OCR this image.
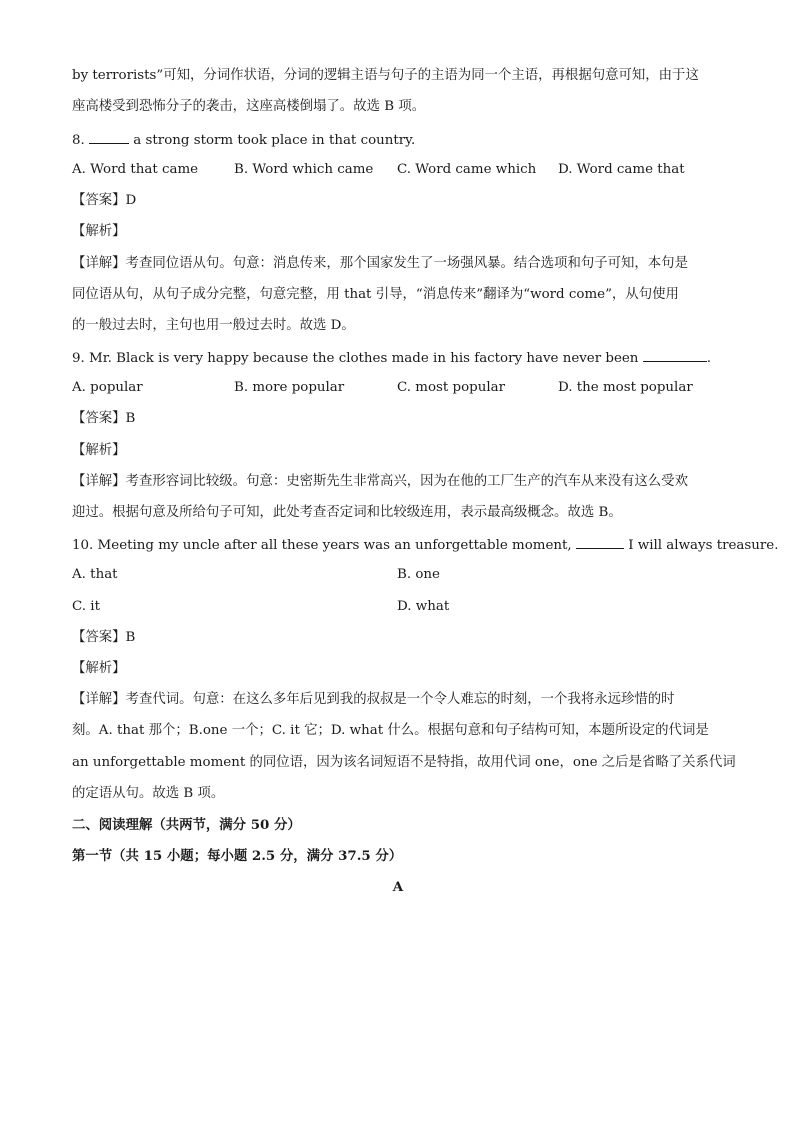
by terrorists”可知，分词作状语，分词的逻辑主语与句子的主语为同一个主语，再根据句意可知，由于这
座高楼受到恐怖分子的袭击，这座高楼倒塌了。故选 B 项。
8.	a strong storm took place in that country.
A. Word that came	B. Word which came C. Word came which D. Word came that
【答案】D
【解析】
【详解】考查同位语从句。句意：消息传来，那个国家发生了一场强风暴。结合选项和句子可知，本句是
同位语从句，从句子成分完整，句意完整，用 that 引导，“消息传来”翻译为“word come”，从句使用
的一般过去时，主句也用一般过去时。故选 D。
9. Mr. Black is very happy because the clothes made in his factory have never been	.
A. popular	B. more popular	C. most popular	D. the most popular
【答案】B
【解析】
【详解】考查形容词比较级。句意：史密斯先生非常高兴，因为在他的工厂生产的汽车从来没有这么受欢
迎过。根据句意及所给句子可知，此处考查否定词和比较级连用，表示最高级概念。故选 B。
10. Meeting my uncle after all these years was an unforgettable moment,	I will always treasure.
A. that	B. one
C. it	D. what
【答案】B
【解析】
【详解】考查代词。句意：在这么多年后见到我的叔叔是一个令人难忘的时刻，一个我将永远珍惜的时
刻。A. that 那个；B.one 一个；C. it 它；D. what 什么。根据句意和句子结构可知，本题所设定的代词是
an unforgettable moment 的同位语，因为该名词短语不是特指，故用代词 one，one 之后是省略了关系代词
的定语从句。故选 B 项。
二、阅读理解（共两节，满分 50 分）
第一节（共 15 小题；每小题 2.5 分，满分 37.5 分）
A
